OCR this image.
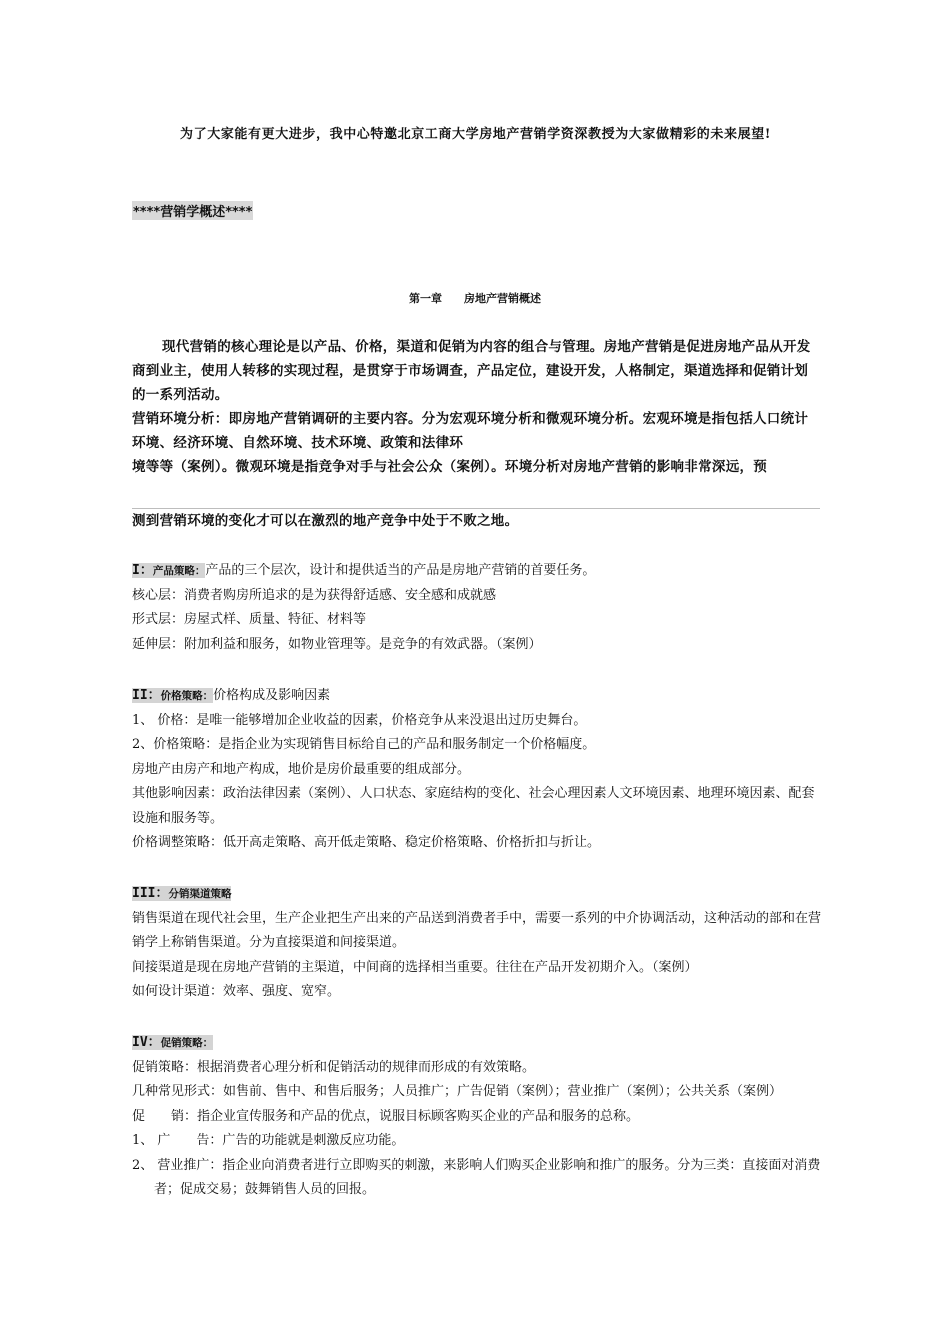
为了大家能有更大进步，我中心特邀北京工商大学房地产营销学资深教授为大家做精彩的未来展望!
****营销学概述****
第一章 房地产营销概述
现代营销的核心理论是以产品、价格，渠道和促销为内容的组合与管理。房地产营销是促进房地产品从开发商到业主，使用人转移的实现过程，是贯穿于市场调查，产品定位，建设开发，人格制定，渠道选择和促销计划的一系列活动。
营销环境分析：即房地产营销调研的主要内容。分为宏观环境分析和微观环境分析。宏观环境是指包括人口统计环境、经济环境、自然环境、技术环境、政策和法律环
境等等（案例）。微观环境是指竞争对手与社会公众（案例）。环境分析对房地产营销的影响非常深远，预
测到营销环境的变化才可以在激烈的地产竞争中处于不败之地。
I：产品策略：产品的三个层次，设计和提供适当的产品是房地产营销的首要任务。
核心层：消费者购房所追求的是为获得舒适感、安全感和成就感
形式层：房屋式样、质量、特征、材料等
延伸层：附加利益和服务，如物业管理等。是竞争的有效武器。（案例）
II：价格策略：价格构成及影响因素
1、 价格：是唯一能够增加企业收益的因素，价格竞争从来没退出过历史舞台。
2、价格策略：是指企业为实现销售目标给自己的产品和服务制定一个价格幅度。
房地产由房产和地产构成，地价是房价最重要的组成部分。
其他影响因素：政治法律因素（案例）、人口状态、家庭结构的变化、社会心理因素人文环境因素、地理环境因素、配套设施和服务等。
价格调整策略：低开高走策略、高开低走策略、稳定价格策略、价格折扣与折让。
III：分销渠道策略
销售渠道在现代社会里，生产企业把生产出来的产品送到消费者手中，需要一系列的中介协调活动，这种活动的部和在营销学上称销售渠道。分为直接渠道和间接渠道。
间接渠道是现在房地产营销的主渠道，中间商的选择相当重要。往往在产品开发初期介入。（案例）
如何设计渠道：效率、强度、宽窄。
IV：促销策略：
促销策略：根据消费者心理分析和促销活动的规律而形成的有效策略。
几种常见形式：如售前、售中、和售后服务；人员推广；广告促销（案例）；营业推广（案例）；公共关系（案例）
促　　销：指企业宣传服务和产品的优点，说服目标顾客购买企业的产品和服务的总称。
1、 广　　告：广告的功能就是刺激反应功能。
2、 营业推广：指企业向消费者进行立即购买的刺激，来影响人们购买企业影响和推广的服务。分为三类：直接面对消费者；促成交易；鼓舞销售人员的回报。
